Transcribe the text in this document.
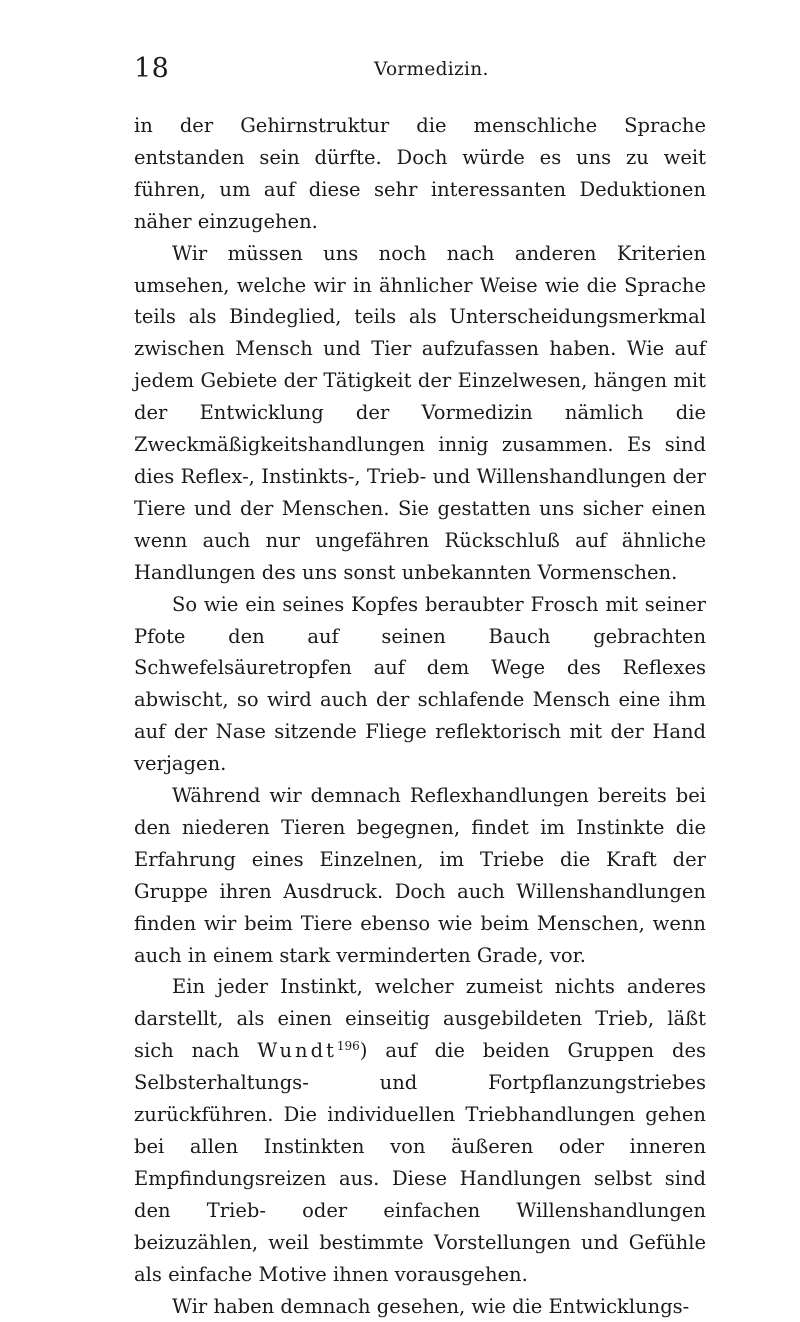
18	Vormedizin.

in der Gehirnstruktur die menschliche Sprache entstanden sein dürfte. Doch würde es uns zu weit führen, um auf diese sehr interessanten Deduktionen näher einzugehen.

Wir müssen uns noch nach anderen Kriterien umsehen, welche wir in ähnlicher Weise wie die Sprache teils als Bindeglied, teils als Unterscheidungsmerkmal zwischen Mensch und Tier aufzufassen haben. Wie auf jedem Gebiete der Tätigkeit der Einzelwesen, hängen mit der Entwicklung der Vormedizin nämlich die Zweckmäßigkeitshandlungen innig zusammen. Es sind dies Reflex-, Instinkts-, Trieb- und Willenshandlungen der Tiere und der Menschen. Sie gestatten uns sicher einen wenn auch nur ungefähren Rückschluß auf ähnliche Handlungen des uns sonst unbekannten Vormenschen.

So wie ein seines Kopfes beraubter Frosch mit seiner Pfote den auf seinen Bauch gebrachten Schwefelsäuretropfen auf dem Wege des Reflexes abwischt, so wird auch der schlafende Mensch eine ihm auf der Nase sitzende Fliege reflektorisch mit der Hand verjagen.

Während wir demnach Reflexhandlungen bereits bei den niederen Tieren begegnen, findet im Instinkte die Erfahrung eines Einzelnen, im Triebe die Kraft der Gruppe ihren Ausdruck. Doch auch Willenshandlungen finden wir beim Tiere ebenso wie beim Menschen, wenn auch in einem stark verminderten Grade, vor.

Ein jeder Instinkt, welcher zumeist nichts anderes darstellt, als einen einseitig ausgebildeten Trieb, läßt sich nach Wundt$^{196}$) auf die beiden Gruppen des Selbsterhaltungs- und Fortpflanzungstriebes zurückführen. Die individuellen Triebhandlungen gehen bei allen Instinkten von äußeren oder inneren Empfindungsreizen aus. Diese Handlungen selbst sind den Trieb- oder einfachen Willenshandlungen beizuzählen, weil bestimmte Vorstellungen und Gefühle als einfache Motive ihnen vorausgehen.

Wir haben demnach gesehen, wie die Entwicklungs-
